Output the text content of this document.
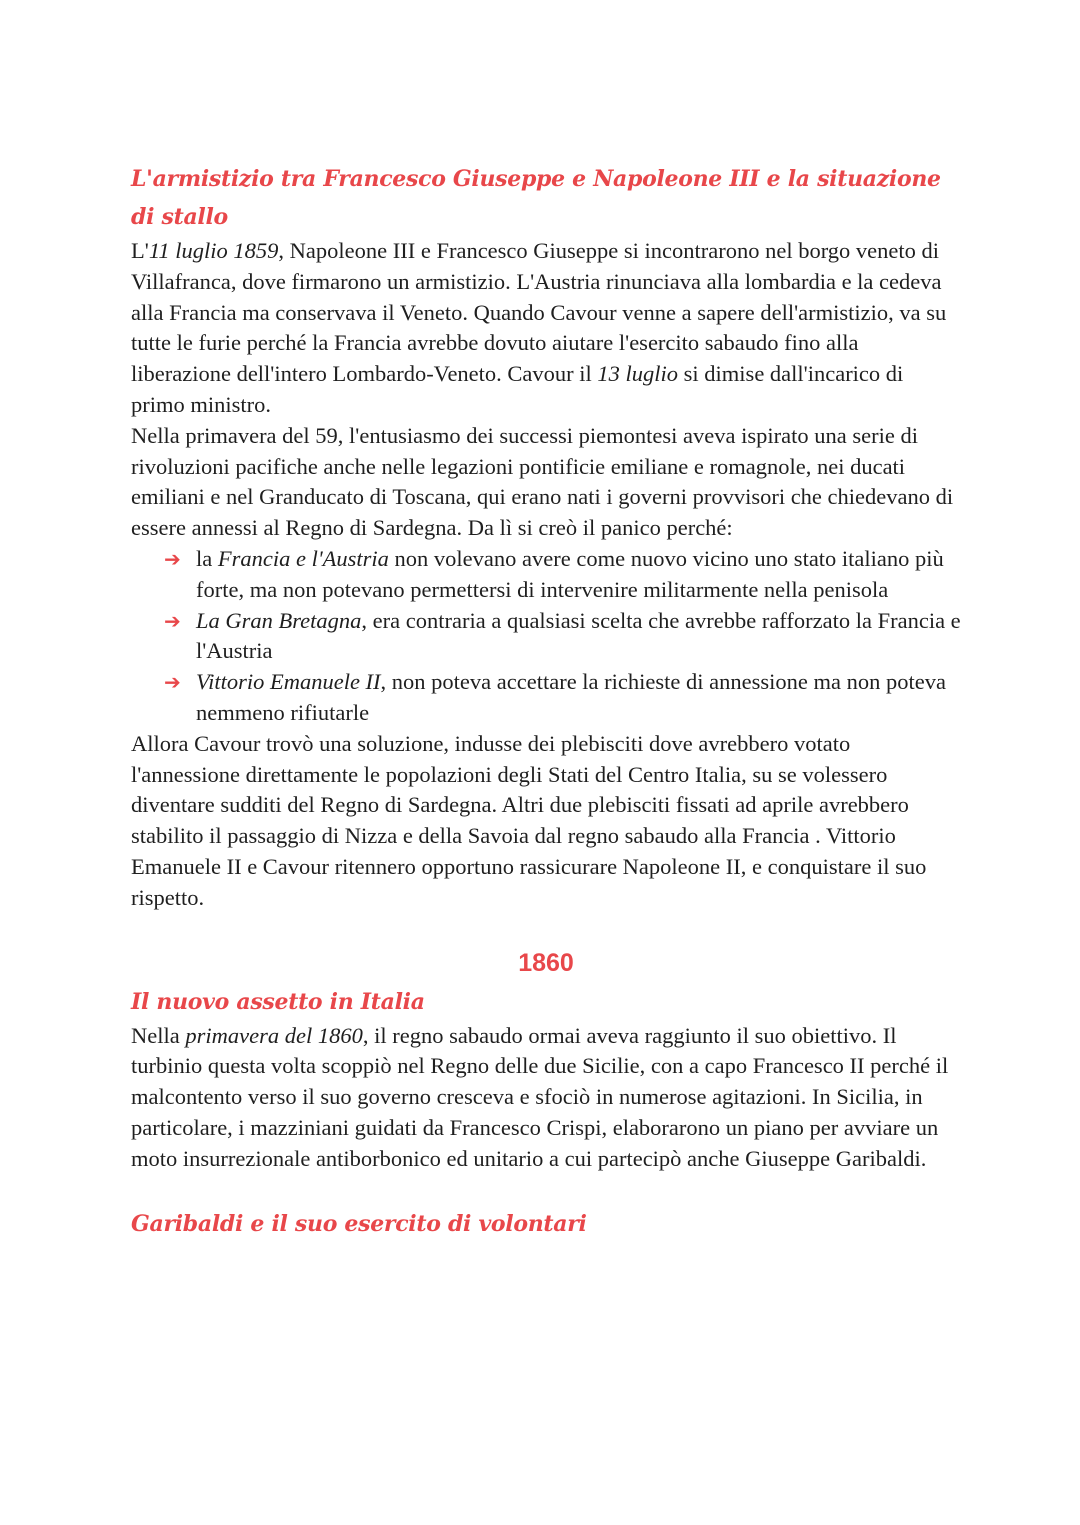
L'armistizio tra Francesco Giuseppe e Napoleone III e la situazione di stallo

L'11 luglio 1859, Napoleone III e Francesco Giuseppe si incontrarono nel borgo veneto di Villafranca, dove firmarono un armistizio. L'Austria rinunciava alla lombardia e la cedeva alla Francia ma conservava il Veneto. Quando Cavour venne a sapere dell'armistizio, va su tutte le furie perché la Francia avrebbe dovuto aiutare l'esercito sabaudo fino alla liberazione dell'intero Lombardo-Veneto. Cavour il 13 luglio si dimise dall'incarico di primo ministro.

Nella primavera del 59, l'entusiasmo dei successi piemontesi aveva ispirato una serie di rivoluzioni pacifiche anche nelle legazioni pontificie emiliane e romagnole, nei ducati emiliani e nel Granducato di Toscana, qui erano nati i governi provvisori che chiedevano di essere annessi al Regno di Sardegna. Da lì si creò il panico perché:

➔ la Francia e l'Austria non volevano avere come nuovo vicino uno stato italiano più forte, ma non potevano permettersi di intervenire militarmente nella penisola
➔ La Gran Bretagna, era contraria a qualsiasi scelta che avrebbe rafforzato la Francia e l'Austria
➔ Vittorio Emanuele II, non poteva accettare la richieste di annessione ma non poteva nemmeno rifiutarle

Allora Cavour trovò una soluzione, indusse dei plebisciti dove avrebbero votato l'annessione direttamente le popolazioni degli Stati del Centro Italia, su se volessero diventare sudditi del Regno di Sardegna. Altri due plebisciti fissati ad aprile avrebbero stabilito il passaggio di Nizza e della Savoia dal regno sabaudo alla Francia . Vittorio Emanuele II e Cavour ritennero opportuno rassicurare Napoleone II, e conquistare il suo rispetto.

1860
Il nuovo assetto in Italia

Nella primavera del 1860, il regno sabaudo ormai aveva raggiunto il suo obiettivo. Il turbinio questa volta scoppiò nel Regno delle due Sicilie, con a capo Francesco II perché il malcontento verso il suo governo cresceva e sfociò in numerose agitazioni. In Sicilia, in particolare, i mazziniani guidati da Francesco Crispi, elaborarono un piano per avviare un moto insurrezionale antiborbonico ed unitario a cui partecipò anche Giuseppe Garibaldi.

Garibaldi e il suo esercito di volontari
